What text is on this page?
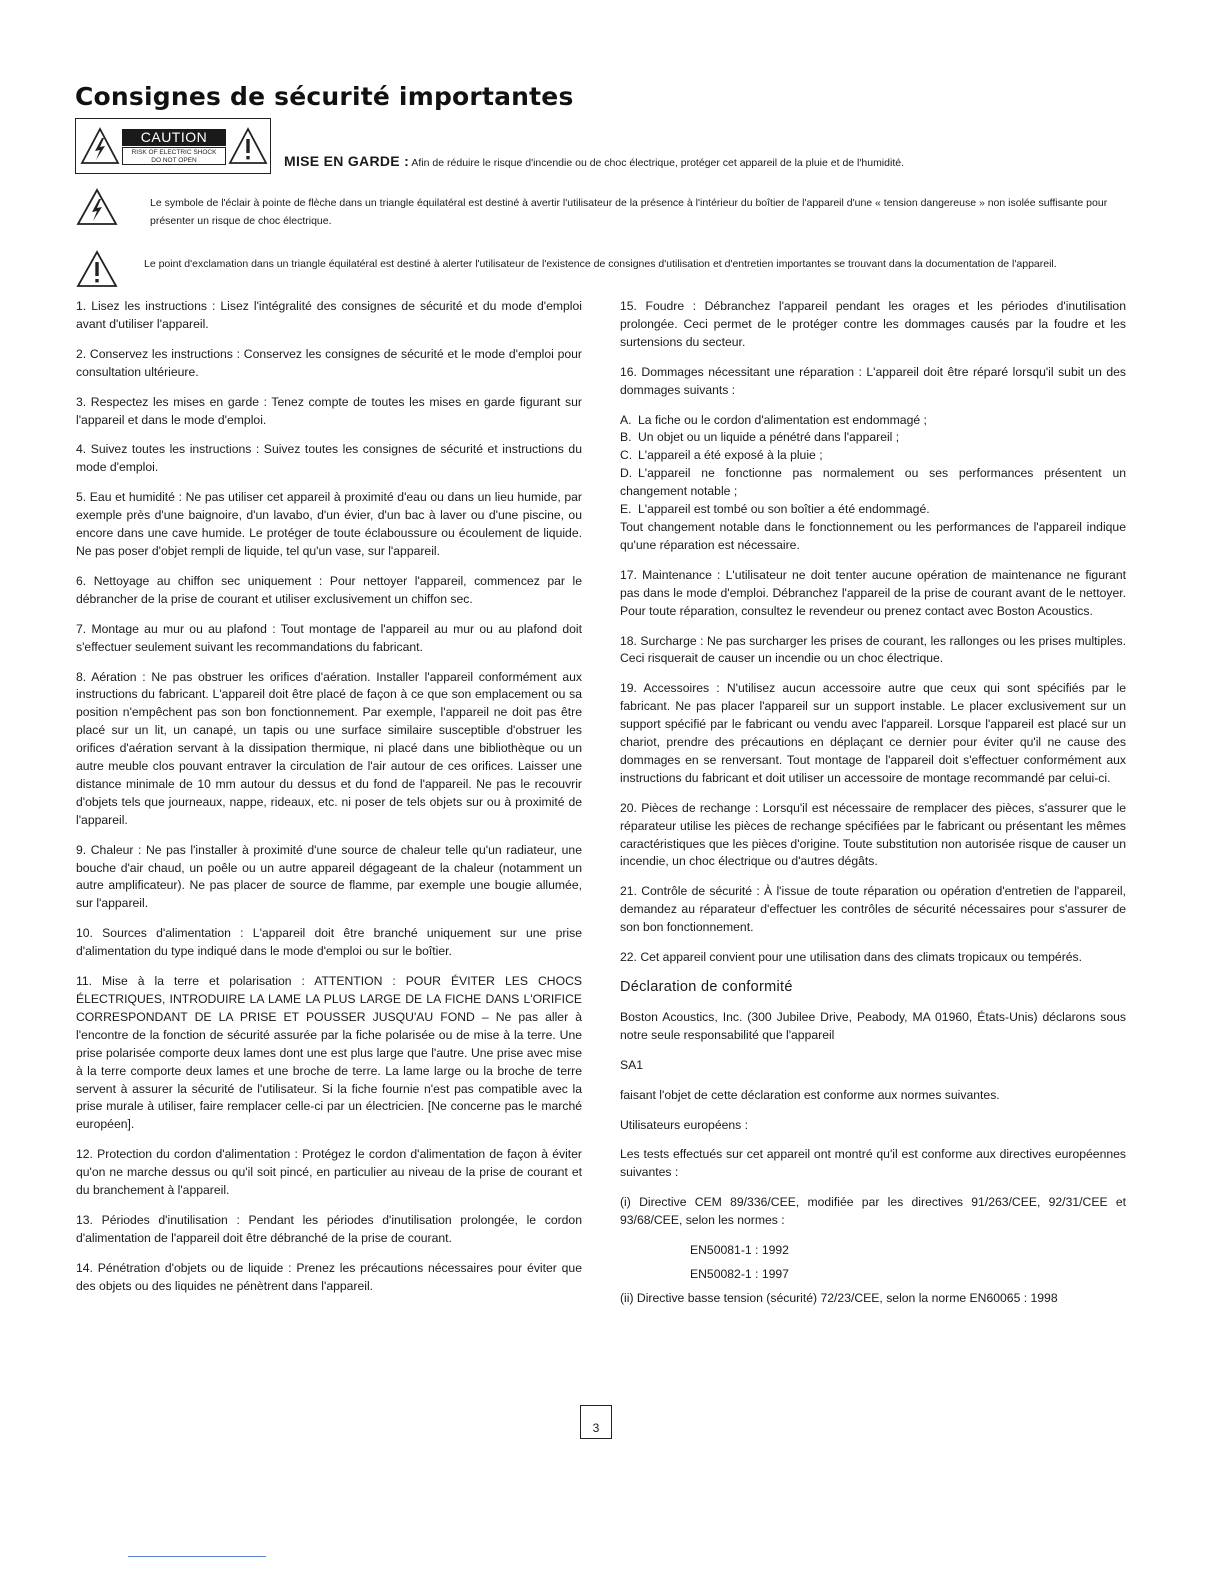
Consignes de sécurité importantes
CAUTION
RISK OF ELECTRIC SHOCK
DO NOT OPEN	MISE EN GARDE : Afin de réduire le risque d'incendie ou de choc électrique, protéger cet appareil de la pluie et de l'humidité.
Le symbole de l'éclair à pointe de flèche dans un triangle équilatéral est destiné à avertir l'utilisateur de la présence à l'intérieur du boîtier de l'appareil d'une « tension dangereuse » non isolée suffisante pour présenter un risque de choc électrique.
Le point d'exclamation dans un triangle équilatéral est destiné à alerter l'utilisateur de l'existence de consignes d'utilisation et d'entretien importantes se trouvant dans la documentation de l'appareil.

1. Lisez les instructions : Lisez l'intégralité des consignes de sécurité et du mode d'emploi avant d'utiliser l'appareil.

2. Conservez les instructions : Conservez les consignes de sécurité et le mode d'emploi pour consultation ultérieure.

3. Respectez les mises en garde : Tenez compte de toutes les mises en garde figurant sur l'appareil et dans le mode d'emploi.

4. Suivez toutes les instructions : Suivez toutes les consignes de sécurité et instructions du mode d'emploi.

5. Eau et humidité : Ne pas utiliser cet appareil à proximité d'eau ou dans un lieu humide, par exemple près d'une baignoire, d'un lavabo, d'un évier, d'un bac à laver ou d'une piscine, ou encore dans une cave humide. Le protéger de toute éclaboussure ou écoulement de liquide. Ne pas poser d'objet rempli de liquide, tel qu'un vase, sur l'appareil.

6. Nettoyage au chiffon sec uniquement : Pour nettoyer l'appareil, commencez par le débrancher de la prise de courant et utiliser exclusivement un chiffon sec.

7. Montage au mur ou au plafond : Tout montage de l'appareil au mur ou au plafond doit s'effectuer seulement suivant les recommandations du fabricant.

8. Aération : Ne pas obstruer les orifices d'aération. Installer l'appareil conformément aux instructions du fabricant. L'appareil doit être placé de façon à ce que son emplacement ou sa position n'empêchent pas son bon fonctionnement. Par exemple, l'appareil ne doit pas être placé sur un lit, un canapé, un tapis ou une surface similaire susceptible d'obstruer les orifices d'aération servant à la dissipation thermique, ni placé dans une bibliothèque ou un autre meuble clos pouvant entraver la circulation de l'air autour de ces orifices. Laisser une distance minimale de 10 mm autour du dessus et du fond de l'appareil. Ne pas le recouvrir d'objets tels que journeaux, nappe, rideaux, etc. ni poser de tels objets sur ou à proximité de l'appareil.

9. Chaleur : Ne pas l'installer à proximité d'une source de chaleur telle qu'un radiateur, une bouche d'air chaud, un poêle ou un autre appareil dégageant de la chaleur (notamment un autre amplificateur). Ne pas placer de source de flamme, par exemple une bougie allumée, sur l'appareil.

10. Sources d'alimentation : L'appareil doit être branché uniquement sur une prise d'alimentation du type indiqué dans le mode d'emploi ou sur le boîtier.

11. Mise à la terre et polarisation : ATTENTION : POUR ÉVITER LES CHOCS ÉLECTRIQUES, INTRODUIRE LA LAME LA PLUS LARGE DE LA FICHE DANS L'ORIFICE CORRESPONDANT DE LA PRISE ET POUSSER JUSQU'AU FOND – Ne pas aller à l'encontre de la fonction de sécurité assurée par la fiche polarisée ou de mise à la terre. Une prise polarisée comporte deux lames dont une est plus large que l'autre. Une prise avec mise à la terre comporte deux lames et une broche de terre. La lame large ou la broche de terre servent à assurer la sécurité de l'utilisateur. Si la fiche fournie n'est pas compatible avec la prise murale à utiliser, faire remplacer celle-ci par un électricien. [Ne concerne pas le marché européen].

12. Protection du cordon d'alimentation : Protégez le cordon d'alimentation de façon à éviter qu'on ne marche dessus ou qu'il soit pincé, en particulier au niveau de la prise de courant et du branchement à l'appareil.

13. Périodes d'inutilisation : Pendant les périodes d'inutilisation prolongée, le cordon d'alimentation de l'appareil doit être débranché de la prise de courant.

14. Pénétration d'objets ou de liquide : Prenez les précautions nécessaires pour éviter que des objets ou des liquides ne pénètrent dans l'appareil.

15. Foudre : Débranchez l'appareil pendant les orages et les périodes d'inutilisation prolongée. Ceci permet de le protéger contre les dommages causés par la foudre et les surtensions du secteur.

16. Dommages nécessitant une réparation : L'appareil doit être réparé lorsqu'il subit un des dommages suivants :

A. La fiche ou le cordon d'alimentation est endommagé ;
B. Un objet ou un liquide a pénétré dans l'appareil ;
C. L'appareil a été exposé à la pluie ;
D. L'appareil ne fonctionne pas normalement ou ses performances présentent un changement notable ;
E. L'appareil est tombé ou son boîtier a été endommagé.

Tout changement notable dans le fonctionnement ou les performances de l'appareil indique qu'une réparation est nécessaire.

17. Maintenance : L'utilisateur ne doit tenter aucune opération de maintenance ne figurant pas dans le mode d'emploi. Débranchez l'appareil de la prise de courant avant de le nettoyer. Pour toute réparation, consultez le revendeur ou prenez contact avec Boston Acoustics.

18. Surcharge : Ne pas surcharger les prises de courant, les rallonges ou les prises multiples. Ceci risquerait de causer un incendie ou un choc électrique.

19. Accessoires : N'utilisez aucun accessoire autre que ceux qui sont spécifiés par le fabricant. Ne pas placer l'appareil sur un support instable. Le placer exclusivement sur un support spécifié par le fabricant ou vendu avec l'appareil. Lorsque l'appareil est placé sur un chariot, prendre des précautions en déplaçant ce dernier pour éviter qu'il ne cause des dommages en se renversant. Tout montage de l'appareil doit s'effectuer conformément aux instructions du fabricant et doit utiliser un accessoire de montage recommandé par celui-ci.

20. Pièces de rechange : Lorsqu'il est nécessaire de remplacer des pièces, s'assurer que le réparateur utilise les pièces de rechange spécifiées par le fabricant ou présentant les mêmes caractéristiques que les pièces d'origine. Toute substitution non autorisée risque de causer un incendie, un choc électrique ou d'autres dégâts.

21. Contrôle de sécurité : À l'issue de toute réparation ou opération d'entretien de l'appareil, demandez au réparateur d'effectuer les contrôles de sécurité nécessaires pour s'assurer de son bon fonctionnement.

22. Cet appareil convient pour une utilisation dans des climats tropicaux ou tempérés.

Déclaration de conformité

Boston Acoustics, Inc. (300 Jubilee Drive, Peabody, MA 01960, États-Unis) déclarons sous notre seule responsabilité que l'appareil

SA1

faisant l'objet de cette déclaration est conforme aux normes suivantes.

Utilisateurs européens :

Les tests effectués sur cet appareil ont montré qu'il est conforme aux directives européennes suivantes :

(i) Directive CEM 89/336/CEE, modifiée par les directives 91/263/CEE, 92/31/CEE et 93/68/CEE, selon les normes :

EN50081-1 : 1992

EN50082-1 : 1997

(ii) Directive basse tension (sécurité) 72/23/CEE, selon la norme EN60065 : 1998

3
